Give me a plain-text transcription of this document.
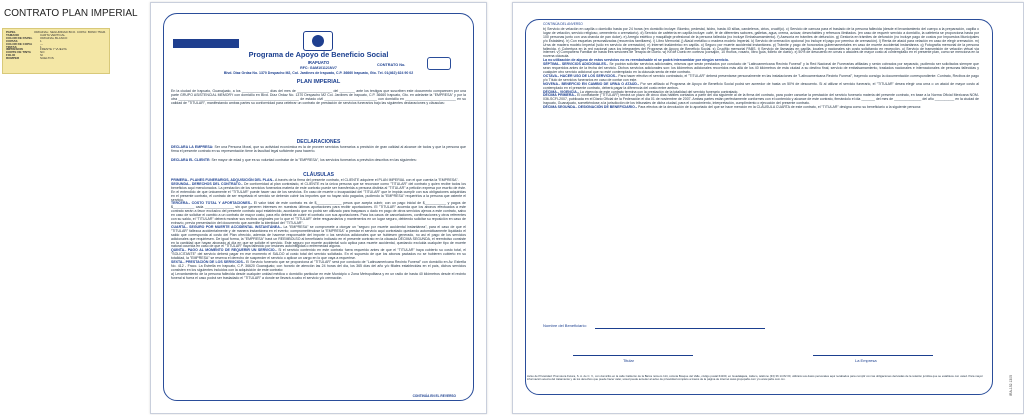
CONTRATO PLAN IMPERIAL
PAPEL	ORIGINAL: SEGURIDAD BCO. COPIA: BOND 75GR.
TAMAÑO	CARTA VERTICAL
COLOR DE PAPEL	ORIGINAL BLANCO
COPIAS	1
COLOR DE COPIA	---
TINTAS	1
IMPRESIÓN	FRENTE Y VUELTA
CORTE DE TINTA	NO
FOLIO	SÍ
ROMPER	SUELTOS	Programa de Apoyo de Beneficio Social
IRAPUATO
RFC: GAM101121NV7
Blvd. Díaz Ordaz No. 1370 Despacho M2, Col. Jardines de Irapuato, C.P. 36660 Irapuato, Gto. Tel. 01(462) 624 90 02
CONTRATO No.
PLAN IMPERIAL
En la ciudad de Irapuato, Guanajuato, a los ______________ días del mes de __________________ del ________ ante los testigos que suscriben este documento comparecen por una parte GRUPO ASISTENCIAL MEMORY con domicilio en Blvd. Díaz Ordaz No. 1370 Despacho M2 Col. Jardines de Irapuato, C.P. 36660 Irapuato, Gto. en adelante la "EMPRESA" y por la otra ______________________________________________________________ de estado civil ___________________________ con domicilio en __________________________ en su calidad de "TITULAR", manifestando ambas partes su conformidad para celebrar un contrato de prestación de servicios funerarios bajo las siguientes declaraciones y cláusulas:
DECLARACIONES
DECLARA LA EMPRESA: Ser una Persona Moral, que su actividad económica es la de proveer servicios funerarios a precisión de gran calidad al alcance de todos y que la persona que firma el presente contrato en su representación tiene la facultad legal suficiente para hacerlo.
DECLARA EL CLIENTE: Ser mayor de edad y que es su voluntad contratar de la "EMPRESA", los servicios funerarios a previsión descritos en las siguientes:
CLÁUSULAS

PRIMERA.- PLANES FUNERARIOS, ADQUISICIÓN DEL PLAN.- A través de la firma del presente contrato, el CLIENTE adquiere el PLAN IMPERIAL con el que cuenta la "EMPRESA".

SEGUNDA.- DERECHOS DEL CONTRATO.- De conformidad al plan contratado, el CLIENTE es la única persona que se reconoce como "TITULAR" del contrato y quien recibe todos los beneficios aquí mencionados. La prestación de los servicios funerarios materia de este contrato puede ser transferida a persona distinta al "TITULAR" a petición expresa por escrito de éste. En el entendido de que únicamente el "TITULAR" puede hacer uso de los servicios. En caso de muerte o incapacidad del "TITULAR" que le impida cumplir con sus obligaciones adquiridas en el presente contrato, el contrato de ser respetado el servicio se deberán cubrir los importes que no hayan sido pagados, pudiendo la "EMPRESA" requerirlos a la persona que ostente el servicio.

TERCERA.- COSTO TOTAL Y APORTACIONES.- El valor total de este contrato es de $_____________ pesos que acepta cubrir, con un pago inicial de $___________ y pagos de $___________ cada _______________ sin que generen intereses en nuestras últimas aportaciones para recibir aportaciones. El "TITULAR" acuerda que los abonos efectuados a este contrato serán a favor exclusivo del presente contrato aquí establecido, acordando que no podrá ser utilizado para traspasos o dado en pago de otros servicios ajenos a este contrato, salvo en caso de solicitar el cambio a un contrato de mayor costo, para ello deberá de cubrir el contrato con sus aportaciones. Para los casos de cancelaciones, confirmaciones y otros referentes con su saldo, el "TITULAR" deberá mostrar sus recibos originales por lo que el "TITULAR" debe resguardarlos y mantenerlos en un lugar seguro, debiendo solicitar su reposición en caso de extravío, previa presentación del documento que acredite la identidad del "TITULAR".

CUARTA.- SEGURO POR MUERTE ACCIDENTAL INSTANTÁNEA.- La "EMPRESA" se compromete a otorgar un "seguro por muerte accidental instantánea", para el caso de que el "TITULAR" fallezca accidentalmente y de manera instantánea en el evento; comprometiéndose la "EMPRESA" a prestar el servicio aquí contratado quedando automáticamente liquidado el saldo que corresponda al costo del Plan ofrecido, además de hacerse responsable del importe o los servicios adicionales que se hubiesen generado, no así el pago de los servicios adicionales que requiriesen. De igual forma, la "EMPRESA" hará un REEMBOLSO al beneficiario indicado en el presente contrato en la cláusula DÉCIMA SEGUNDA, el reembolso consiste en la cantidad que hayan abonado al día en que se solicite el servicio. Este seguro por muerte accidental solo aplica para muerte accidental, quedando excluida cualquier tipo de muerte natural ocurrida en caso de que el "TITULAR" haya fallecido por lesiones autoinfligidas o enfermedad alguna.

QUINTA.- PAGO AL MOMENTO DE REQUERIR UN SERVICIO.- Si el servicio contenido en este contrato fuera requerido antes de que el "TITULAR" haya cubierto su costo total, el "SOLICITANTE" del servicio deberá pagar en ese momento el SALDO al costo total del servicio solicitado. En el supuesto de que los abonos pactados no se hubieren cubierto en su totalidad, la "EMPRESA" se reserva el derecho de suspender el servicio o aplicar un cargo en lo que vaya a requerirse.

SEXTA.- PRESTACIÓN DE LOS SERVICIOS.- El Servicio funerario que se proporciona al "TITULAR" será por conducto de "Latinoamericana Recinto Funeral" con domicilio en Av. Estrella No. 412 - Fracc. La Estrella en Irapuato, C.P. 36620 Guanajuato; con horario de atención las 24 horas del día, los 365 días del año y/o filiales establecidas en el país, dichos servicios consisten en los siguientes incluidos con la adquisición de este contrato:

a) Levantamiento de la persona fallecida desde cualquier unidad médica o domicilio particular en este Municipio o Zona Metropolitana y en un radio de hasta 40 kilómetros desde el recinto funeral si fuera el caso podrá ser trasladado el "TITULAR" a donde se llevará a cabo el servicio y/o cremación.

CONTINÚA EN EL REVERSO
CONTINÚA DEL ANVERSO

b) Servicio de velación en capilla o domicilio hasta por 24 horas (en domicilio incluye: Biombo, pedestal, Isidro, hasta 40 sillas, candeleros, cirios, crucifijo). c) Servicio de carroza para el traslado de la persona fallecida (desde el levantamiento del cuerpo a la preparación, capilla o lugar de velación, servicio religioso, cementerio o crematorio). d) Servicio de cafetería en capilla incluye: café, té de diferentes sabores, galletas, agua, crema, azúcar, desechables y refrescos ilimitados. (en caso de requerir servicio a domicilio, la cafetería se proporciona hasta por 100 personas junto con una charola de pan dulce). e) Arreglo estético y maquillaje profesional de la persona fallecida (no incluye Embalsamamiento). f) Asesoría en trámites de defunción. g) Gestoría en trámites de defunción (no incluye pago de costos por Impuestos Municipales y/o Estatales). h) Con esquelas personalizadas (recuerdos familiares). i) Libro Memorial. j) Ataúd metálico o madera modelo Imperial. k) Servicio de cremación opcional (no incluye el pago por permiso de cremación). l) Renta de ataúd para velación en caso de elegir cremación. m) Urna de madera modelo Imperial (sólo en servicio de cremación). n) Internet inalámbrico en capilla. o) Seguro por muerte accidental instantánea. p) Trámite y pago de honorarios gubernamentales en caso de muerte accidental instantánea. q) Fotografía memorial de la persona fallecida. r) Cobertura en la red nacional para los integrantes del Programa de Apoyo de Beneficio Social. s) Crucifijo memorial PABS. t) Servicio de llamadas en capilla, locales y nacionales sin costo solicitando en recepción. u) Servicio de transmisión de velación virtual vía internet. v) Compañera Familiar de hasta tres sesiones de Terapia de Duelo. w) Kit de Duelo en corteza (corsajón, 10 moños, rosario, libro guía, folleto de duelo). x) 50% de descuento en urnas o ataúdes de mayor costo al contemplado en el presente plan, como se menciona en la novena cláusula.

La no utilización de alguno de estos servicios no es reembolsable ni se podrá intercambiar por ningún servicio.

SÉPTIMA.- SERVICIOS ADICIONALES.- Se podrán solicitar servicios adicionales, mismos que serán prestados por conducto de "Latinoamericana Recinto Funeral" y la Red Nacional de Funerarias afiliadas y serán cobrados por separado, pudiendo ser solicitados siempre que sean requeridos antes de la fecha del servicio. Dichos servicios adicionales son: los kilómetros adicionales recorridos más allá de los 40 kilómetros de esta ciudad a su destino final, servicio de embalsamamiento, traslados nacionales e internacionales de personas fallecidas y cualquier otro servicio adicional que no esté contemplado en la cláusula sexta de este contrato.

OCTAVA.- HACER USO DE LOS SERVICIOS.- Para hacer efectivo el servicio contratado, el "TITULAR" deberá presentarse personalmente en las instalaciones de "Latinoamericana Recinto Funeral", trayendo consigo la documentación correspondiente: Contrato, Recibos de pago y/o Título de servicios funerarios en caso de contar con este.

NOVENA.- BENEFICIO EN CAMBIO DE URNA O ATAÚD.- Por ser afiliado al Programa de Apoyo de Beneficio Social podrá ser acreedor de hasta un 50% de descuento. Si al utilizar el servicio funerario, el "TITULAR" desea elegir una urna o un ataúd de mayor costo al contemplado en el presente contrato, deberá pagar la diferencia del costo entre ambos.

DÉCIMA.- VIGENCIA.- La vigencia de este contrato termina con la prestación de la totalidad del servicio funerario contratado.

DÉCIMA PRIMERA.- El contratante ("TITULAR") tendrá un plazo de cinco días hábiles contados a partir del día siguiente al de la firma del contrato, para poder cancelar la prestación del servicio funerario materia del presente contrato, en base a la Norma Oficial Mexicana NOM-036-SCFI-2007, publicada en el Diario Oficial de la Federación el día 01 de noviembre de 2007. Ambas partes están perfectamente conformes con el contenido y alcance de este contrato, firmándolo el día _______ del mes de ______________ del año __________ en la ciudad de Irapuato, Guanajuato, sometiéndose a la jurisdicción de los tribunales de dicha ciudad, para el conocimiento, interpretación, cumplimiento o ejecución del presente contrato.

DÉCIMA SEGUNDA.- DESIGNACIÓN DE BENEFICIARIO.- Para efectos de la devolución de lo aportado del que se hace mención en la CLÁUSULA CUARTA de este contrato, el "TITULAR" designa como su beneficiario a la siguiente persona:

Nombre del Beneficiario:
Titular	La Empresa
Aviso de Privacidad: Promotora Futura, S. A. de C. V., con domicilio en la calle Calderón de la Barca número 114, colonia Bosque del Valle, código postal 64160, en Guadalajara, Jalisco, teléfono (33) 36 14 82 00, utilizará sus datos personales aquí recabados para cumplir con las obligaciones derivadas de la relación jurídica que se establece con usted. Para mayor información acerca del tratamiento y de los derechos que puede hacer valer, usted puede acceder al aviso de privacidad completo a través de la página de internet www.grupopabs.com y/o www.pabs.com.mx.	IRA-152 1305
